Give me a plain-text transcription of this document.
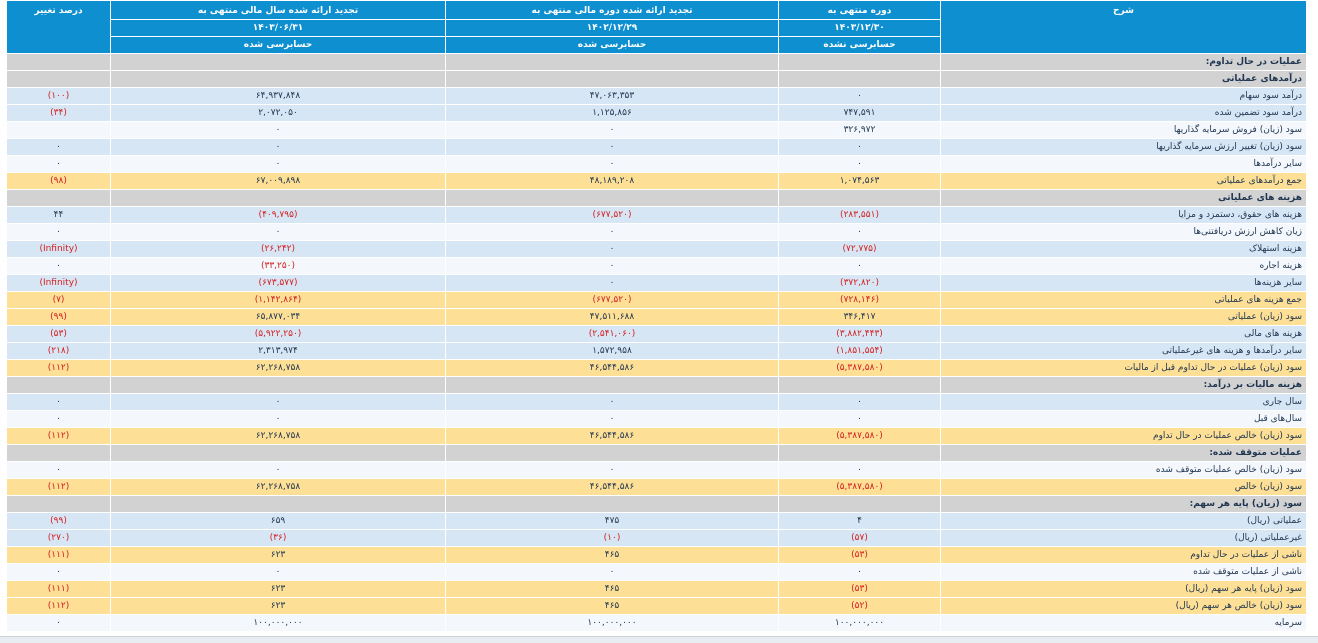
شرح	دوره منتهی به	تجدید ارائه شده دوره مالی منتهی به	تجدید ارائه شده سال مالی منتهی به	درصد تغییر
	۱۴۰۳/۱۲/۳۰	۱۴۰۲/۱۲/۲۹	۱۴۰۳/۰۶/۳۱	
	حسابرسی نشده	حسابرسی شده	حسابرسی شده	
عملیات در حال تداوم:				
درآمدهای عملیاتی				
درآمد سود سهام	۰	۴۷,۰۶۳,۳۵۳	۶۴,۹۳۷,۸۴۸	(۱۰۰)
درآمد سود تضمین شده	۷۴۷,۵۹۱	۱,۱۲۵,۸۵۶	۲,۰۷۲,۰۵۰	(۳۴)
سود (زیان) فروش سرمایه گذاریها	۳۲۶,۹۷۲	۰	۰	
سود (زیان) تغییر ارزش سرمایه گذاریها	۰	۰	۰	۰
سایر درآمدها	۰	۰	۰	۰
جمع درآمدهای عملیاتی	۱,۰۷۴,۵۶۳	۴۸,۱۸۹,۲۰۸	۶۷,۰۰۹,۸۹۸	(۹۸)
هزینه های عملیاتی				
هزینه های حقوق، دستمزد و مزایا	(۲۸۳,۵۵۱)	(۶۷۷,۵۲۰)	(۴۰۹,۷۹۵)	۴۴
زیان کاهش ارزش دریافتنی‌ها	۰	۰	۰	۰
هزینه استهلاک	(۷۲,۷۷۵)	۰	(۲۶,۲۴۲)	(Infinity)
هزینه اجاره	۰	۰	(۳۳,۲۵۰)	۰
سایر هزینه‌ها	(۳۷۲,۸۲۰)	۰	(۶۷۳,۵۷۷)	(Infinity)
جمع هزینه های عملیاتی	(۷۲۸,۱۴۶)	(۶۷۷,۵۲۰)	(۱,۱۴۲,۸۶۴)	(۷)
سود (زیان) عملیاتی	۳۴۶,۴۱۷	۴۷,۵۱۱,۶۸۸	۶۵,۸۷۷,۰۳۴	(۹۹)
هزینه های مالی	(۳,۸۸۲,۴۴۳)	(۲,۵۴۱,۰۶۰)	(۵,۹۲۲,۲۵۰)	(۵۳)
سایر درآمدها و هزینه های غیرعملیاتی	(۱,۸۵۱,۵۵۴)	۱,۵۷۲,۹۵۸	۲,۳۱۳,۹۷۴	(۲۱۸)
سود (زیان) عملیات در حال تداوم قبل از مالیات	(۵,۳۸۷,۵۸۰)	۴۶,۵۴۴,۵۸۶	۶۲,۲۶۸,۷۵۸	(۱۱۲)
هزینه مالیات بر درآمد:				
سال جاری	۰	۰	۰	۰
سال‌های قبل	۰	۰	۰	۰
سود (زیان) خالص عملیات در حال تداوم	(۵,۳۸۷,۵۸۰)	۴۶,۵۴۴,۵۸۶	۶۲,۲۶۸,۷۵۸	(۱۱۲)
عملیات متوقف شده:				
سود (زیان) خالص عملیات متوقف شده	۰	۰	۰	۰
سود (زیان) خالص	(۵,۳۸۷,۵۸۰)	۴۶,۵۴۴,۵۸۶	۶۲,۲۶۸,۷۵۸	(۱۱۲)
سود (زیان) پایه هر سهم:				
عملیاتی (ریال)	۴	۴۷۵	۶۵۹	(۹۹)
غیرعملیاتی (ریال)	(۵۷)	(۱۰)	(۳۶)	(۲۷۰)
ناشی از عملیات در حال تداوم	(۵۳)	۴۶۵	۶۲۳	(۱۱۱)
ناشی از عملیات متوقف شده	۰	۰	۰	۰
سود (زیان) پایه هر سهم (ریال)	(۵۳)	۴۶۵	۶۲۳	(۱۱۱)
سود (زیان) خالص هر سهم (ریال)	(۵۲)	۴۶۵	۶۲۳	(۱۱۲)
سرمایه	۱۰۰,۰۰۰,۰۰۰	۱۰۰,۰۰۰,۰۰۰	۱۰۰,۰۰۰,۰۰۰	۰
